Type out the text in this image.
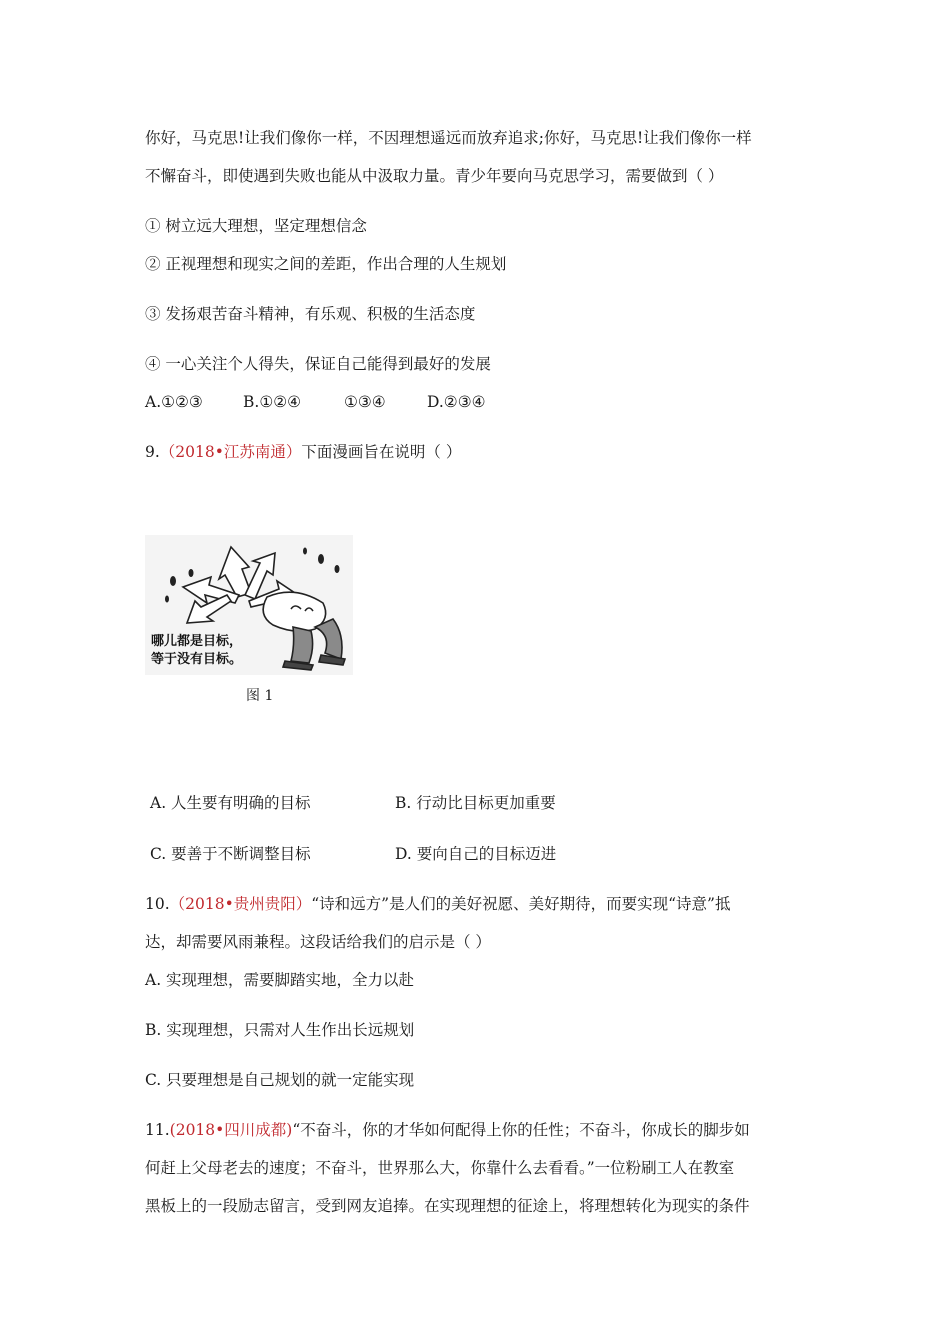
你好，马克思!让我们像你一样，不因理想遥远而放弃追求;你好，马克思!让我们像你一样
不懈奋斗，即使遇到失败也能从中汲取力量。青少年要向马克思学习，需要做到（ ）
① 树立远大理想，坚定理想信念
② 正视理想和现实之间的差距，作出合理的人生规划
③ 发扬艰苦奋斗精神，有乐观、积极的生活态度
④ 一心关注个人得失，保证自己能得到最好的发展
A.①②③	B.①②④	①③④	D.②③④
9.（2018•江苏南通）下面漫画旨在说明（ ）
哪儿都是目标，
等于没有目标。
图 1
A. 人生要有明确的目标	B. 行动比目标更加重要
C. 要善于不断调整目标	D. 要向自己的目标迈进
10.（2018•贵州贵阳）“诗和远方”是人们的美好祝愿、美好期待，而要实现“诗意”抵
达，却需要风雨兼程。这段话给我们的启示是（ ）
A. 实现理想，需要脚踏实地，全力以赴
B. 实现理想，只需对人生作出长远规划
C. 只要理想是自己规划的就一定能实现
11.(2018•四川成都)“不奋斗，你的才华如何配得上你的任性；不奋斗，你成长的脚步如
何赶上父母老去的速度；不奋斗，世界那么大，你靠什么去看看。”一位粉刷工人在教室
黑板上的一段励志留言，受到网友追捧。在实现理想的征途上，将理想转化为现实的条件
